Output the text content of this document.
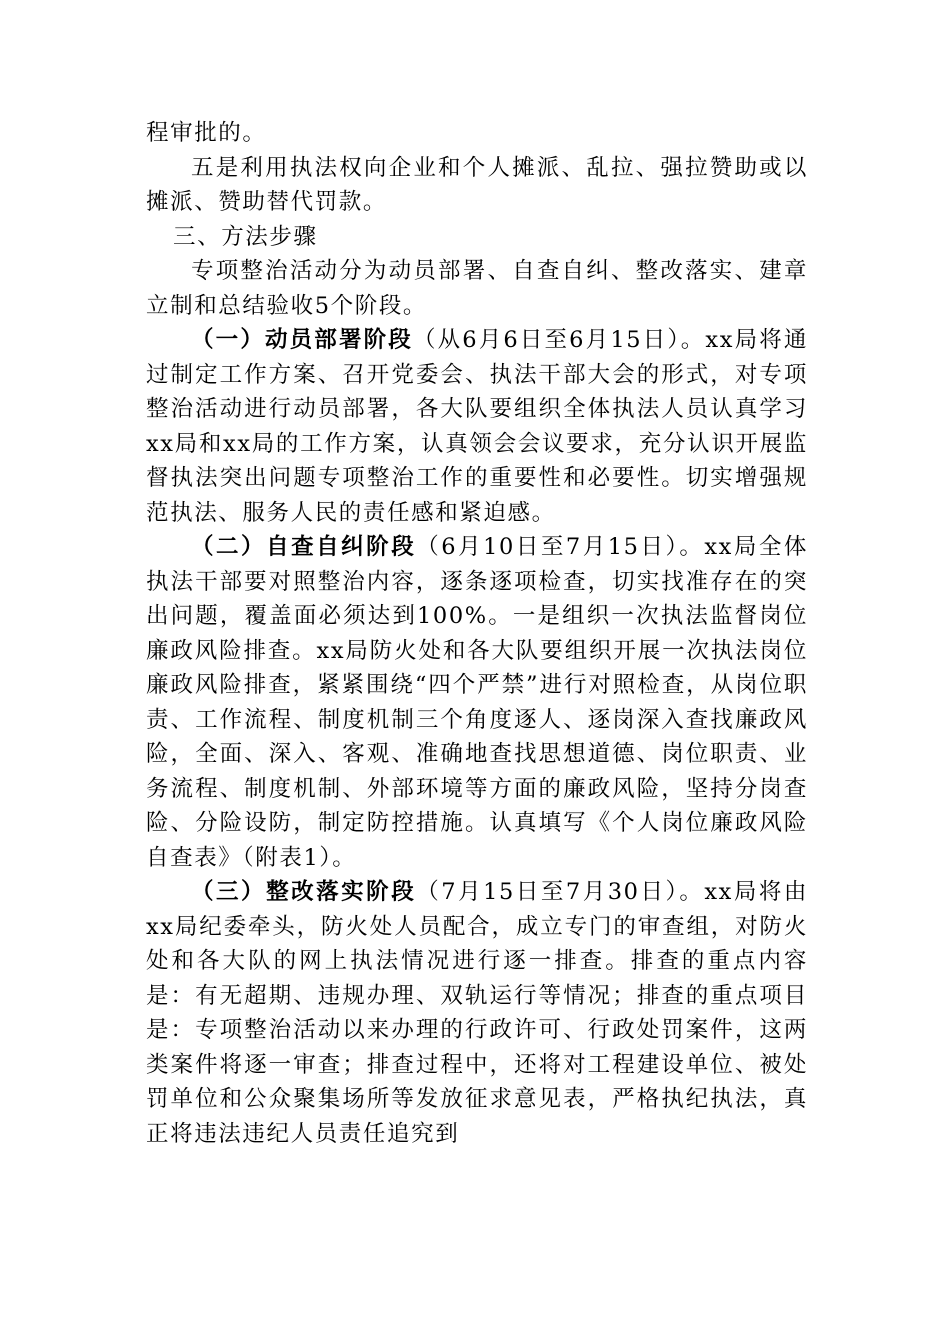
程审批的。

五是利用执法权向企业和个人摊派、乱拉、强拉赞助或以摊派、赞助替代罚款。

三、方法步骤

专项整治活动分为动员部署、自查自纠、整改落实、建章立制和总结验收5个阶段。

（一）动员部署阶段（从6月6日至6月15日）。xx局将通过制定工作方案、召开党委会、执法干部大会的形式，对专项整治活动进行动员部署，各大队要组织全体执法人员认真学习xx局和xx局的工作方案，认真领会会议要求，充分认识开展监督执法突出问题专项整治工作的重要性和必要性。切实增强规范执法、服务人民的责任感和紧迫感。

（二）自查自纠阶段（6月10日至7月15日）。xx局全体执法干部要对照整治内容，逐条逐项检查，切实找准存在的突出问题，覆盖面必须达到100%。一是组织一次执法监督岗位廉政风险排查。xx局防火处和各大队要组织开展一次执法岗位廉政风险排查，紧紧围绕“四个严禁”进行对照检查，从岗位职责、工作流程、制度机制三个角度逐人、逐岗深入查找廉政风险，全面、深入、客观、准确地查找思想道德、岗位职责、业务流程、制度机制、外部环境等方面的廉政风险，坚持分岗查险、分险设防，制定防控措施。认真填写《个人岗位廉政风险自查表》（附表1）。

（三）整改落实阶段（7月15日至7月30日）。xx局将由xx局纪委牵头，防火处人员配合，成立专门的审查组，对防火处和各大队的网上执法情况进行逐一排查。排查的重点内容是：有无超期、违规办理、双轨运行等情况；排查的重点项目是：专项整治活动以来办理的行政许可、行政处罚案件，这两类案件将逐一审查；排查过程中，还将对工程建设单位、被处罚单位和公众聚集场所等发放征求意见表，严格执纪执法，真正将违法违纪人员责任追究到
